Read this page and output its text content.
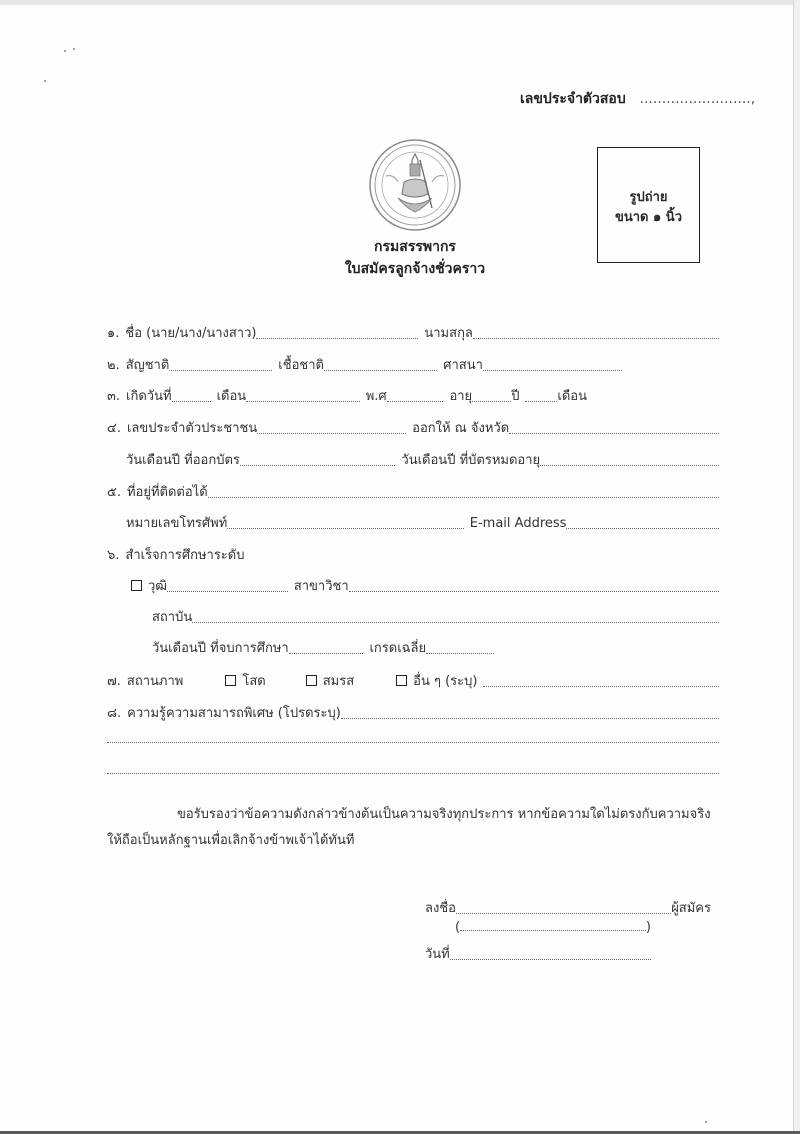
เลขประจำตัวสอบ .........................,
กรมสรรพากร
ใบสมัครลูกจ้างชั่วคราว
รูปถ่าย
ขนาด ๑ นิ้ว
๑. ชื่อ (นาย/นาง/นางสาว)	นามสกุล
๒. สัญชาติ	เชื้อชาติ	ศาสนา
๓. เกิดวันที่	เดือน	พ.ศ	อายุ	ปี	เดือน
๔. เลขประจำตัวประชาชน	ออกให้ ณ จังหวัด
วันเดือนปี ที่ออกบัตร	วันเดือนปี ที่บัตรหมดอายุ
๕. ที่อยู่ที่ติดต่อได้
หมายเลขโทรศัพท์	E-mail Address
๖. สำเร็จการศึกษาระดับ
วุฒิ	สาขาวิชา
สถาบัน
วันเดือนปี ที่จบการศึกษา	เกรดเฉลี่ย
๗. สถานภาพ	โสด	สมรส	อื่น ๆ (ระบุ)
๘. ความรู้ความสามารถพิเศษ (โปรดระบุ)
ขอรับรองว่าข้อความดังกล่าวข้างต้นเป็นความจริงทุกประการ หากข้อความใดไม่ตรงกับความจริง
ให้ถือเป็นหลักฐานเพื่อเลิกจ้างข้าพเจ้าได้ทันที
ลงชื่อ	ผู้สมัคร
(	)
วันที่
